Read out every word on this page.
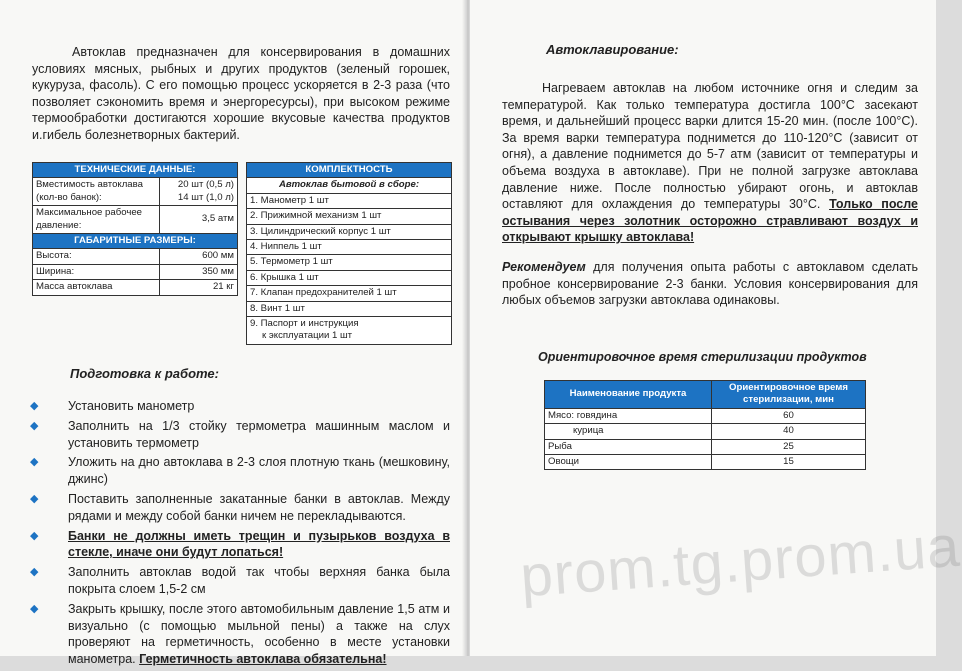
Автоклав предназначен для консервирования в домашних условиях мясных, рыбных и других продуктов (зеленый горошек, кукуруза, фасоль). С его помощью процесс ускоряется в 2-3 раза (что позволяет сэкономить время и энергоресурсы), при высоком режиме термообработки достигаются хорошие вкусовые качества продуктов и.гибель болезнетворных бактерий.
ТЕХНИЧЕСКИЕ ДАННЫЕ:	
Вместимость автоклава (кол-во банок):	20 шт (0,5 л)
14 шт (1,0 л)

Максимальное рабочее давление:	3,5 атм
ГАБАРИТНЫЕ РАЗМЕРЫ:	
Высота:	600 мм
Ширина:	350 мм
Масса автоклава	21 кг
КОМПЛЕКТНОСТЬ
Автоклав бытовой в сборе:
1. Манометр 1 шт
2. Прижимной механизм 1 шт
3. Цилиндрический корпус 1 шт
4. Ниппель 1 шт
5. Термометр 1 шт
6. Крышка 1 шт
7. Клапан предохранителей 1 шт
8. Винт 1 шт

9. Паспорт и инструкция
к эксплуатации 1 шт
Подготовка к работе:
◆ Установить манометр
◆ Заполнить на 1/3 стойку термометра машинным маслом и установить термометр
◆ Уложить на дно автоклава в 2-3 слоя плотную ткань (мешковину, джинс)
◆ Поставить заполненные закатанные банки в автоклав. Между рядами и между собой банки ничем не перекладываются.
◆ Банки не должны иметь трещин и пузырьков воздуха в стекле, иначе они будут лопаться!
◆ Заполнить автоклав водой так чтобы верхняя банка была покрыта слоем 1,5-2 см
◆ Закрыть крышку, после этого автомобильным давление 1,5 атм и визуально (с помощью мыльной пены) а также на слух проверяют на герметичность, особенно в месте установки манометра. Герметичность автоклава обязательна!
Автоклавирование:
Нагреваем автоклав на любом источнике огня и следим за температурой. Как только температура достигла 100°С засекают время, и дальнейший процесс варки длится 15-20 мин. (после 100°С). За время варки температура поднимется до 110-120°С (зависит от огня), а давление поднимется до 5-7 атм (зависит от температуры и объема воздуха в автоклаве). При не полной загрузке автоклава давление ниже. После полностью убирают огонь, и автоклав оставляют для охлаждения до температуры 30°С. Только после остывания через золотник осторожно стравливают воздух и открывают крышку автоклава!
Рекомендуем для получения опыта работы с автоклавом сделать пробное консервирование 2-3 банки. Условия консервирования для любых объемов загрузки автоклава одинаковы.
Ориентировочное время стерилизации продуктов
Наименование продукта	Ориентировочное время стерилизации, мин
Мясо: говядина	60
курица	40
Рыба	25
Овощи	15
prom.tg.prom.ua
